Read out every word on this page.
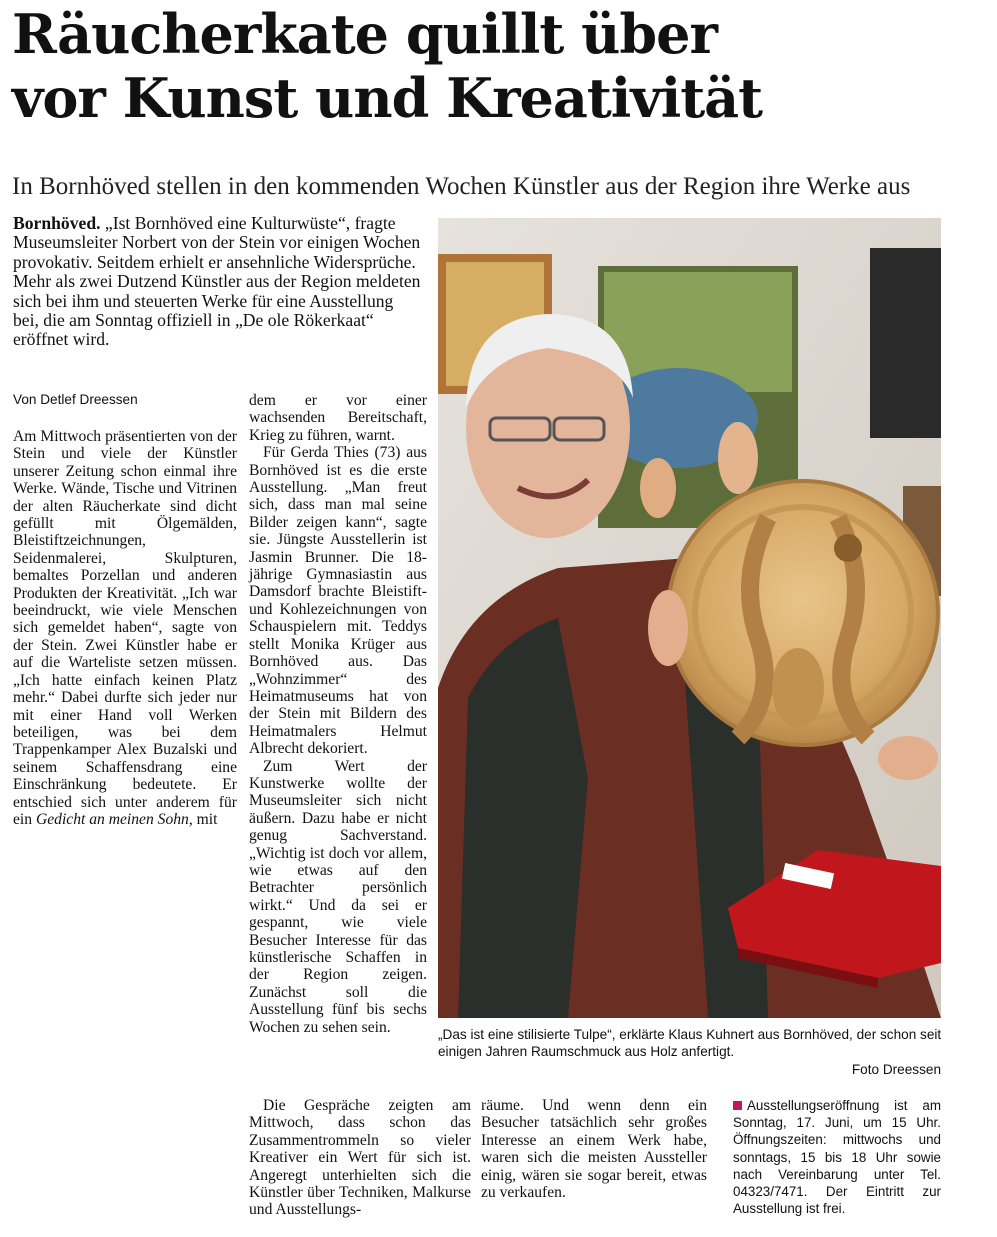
Räucherkate quillt über
vor Kunst und Kreativität
In Bornhöved stellen in den kommenden Wochen Künstler aus der Region ihre Werke aus
Bornhöved. „Ist Bornhöved eine Kulturwüste“, fragte Museumsleiter Norbert von der Stein vor einigen Wochen provokativ. Seitdem erhielt er ansehnliche Widersprüche. Mehr als zwei Dutzend Künstler aus der Region meldeten sich bei ihm und steuerten Werke für eine Ausstellung bei, die am Sonntag offiziell in „De ole Rökerkaat“ eröffnet wird.
Von Detlef Dreessen

Am Mittwoch präsentierten von der Stein und viele der Künstler unserer Zeitung schon einmal ihre Werke. Wände, Tische und Vitrinen der alten Räucherkate sind dicht gefüllt mit Ölgemälden, Bleistiftzeichnungen, Seidenmalerei, Skulpturen, bemaltes Porzellan und anderen Produkten der Kreativität. „Ich war beeindruckt, wie viele Menschen sich gemeldet haben“, sagte von der Stein. Zwei Künstler habe er auf die Warteliste setzen müssen. „Ich hatte einfach keinen Platz mehr.“ Dabei durfte sich jeder nur mit einer Hand voll Werken beteiligen, was bei dem Trappenkamper Alex Buzalski und seinem Schaffensdrang eine Einschränkung bedeutete. Er entschied sich unter anderem für ein Gedicht an meinen Sohn, mit

dem er vor einer wachsenden Bereitschaft, Krieg zu führen, warnt.

Für Gerda Thies (73) aus Bornhöved ist es die erste Ausstellung. „Man freut sich, dass man mal seine Bilder zeigen kann“, sagte sie. Jüngste Ausstellerin ist Jasmin Brunner. Die 18-jährige Gymnasiastin aus Damsdorf brachte Bleistift- und Kohlezeichnungen von Schauspielern mit. Teddys stellt Monika Krüger aus Bornhöved aus. Das „Wohnzimmer“ des Heimatmuseums hat von der Stein mit Bildern des Heimatmalers Helmut Albrecht dekoriert.

Zum Wert der Kunstwerke wollte der Museumsleiter sich nicht äußern. Dazu habe er nicht genug Sachverstand. „Wichtig ist doch vor allem, wie etwas auf den Betrachter persönlich wirkt.“ Und da sei er gespannt, wie viele Besucher Interesse für das künstlerische Schaffen in der Region zeigen. Zunächst soll die Ausstellung fünf bis sechs Wochen zu sehen sein.

Die Gespräche zeigten am Mittwoch, dass schon das Zusammentrommeln so vieler Kreativer ein Wert für sich ist. Angeregt unterhielten sich die Künstler über Techniken, Malkurse und Ausstellungs-

räume. Und wenn denn ein Besucher tatsächlich sehr großes Interesse an einem Werk habe, waren sich die meisten Aussteller einig, wären sie sogar bereit, etwas zu verkaufen.

„Das ist eine stilisierte Tulpe“, erklärte Klaus Kuhnert aus Bornhöved, der schon seit einigen Jahren Raumschmuck aus Holz anfertigt.
Foto Dreessen
Ausstellungseröffnung ist am Sonntag, 17. Juni, um 15 Uhr. Öffnungszeiten: mittwochs und sonntags, 15 bis 18 Uhr sowie nach Vereinbarung unter Tel. 04323/7471. Der Eintritt zur Ausstellung ist frei.
